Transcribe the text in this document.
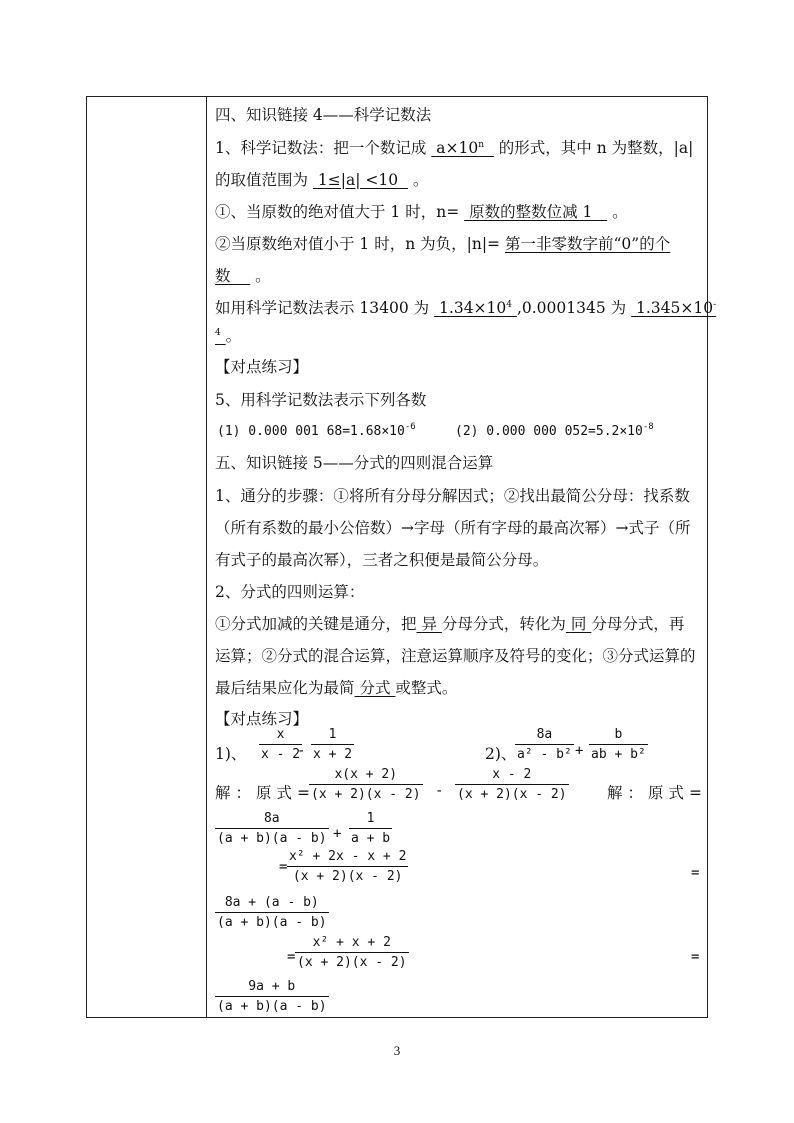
四、知识链接 4——科学记数法
1、科学记数法：把一个数记成 $a\times 10^n$ 的形式，其中 n 为整数，|a|
的取值范围为 1≤|a| <10 。
①、当原数的绝对值大于 1 时，n= 原数的整数位减 1 。
②当原数绝对值小于 1 时，n 为负，|n|= 第一非零数字前“0”的个
数 。
如用科学记数法表示 13400 为 $1.34\times 10^4$ ,0.0001345 为 1.345×10-
$^4$ 。
【对点练习】
5、用科学记数法表示下列各数
(1) 0.000 001 $68=1.68\times 10^{-6}$	(2) 0.000 000 $052=5.2\times 10^{-8}$
五、知识链接 5——分式的四则混合运算
1、通分的步骤：①将所有分母分解因式；②找出最简公分母：找系数
（所有系数的最小公倍数）→字母（所有字母的最高次幂）→式子（所
有式子的最高次幂），三者之积便是最简公分母。
2、分式的四则运算：
①分式加减的关键是通分，把 异 分母分式，转化为 同 分母分式，再
运算；②分式的混合运算，注意运算顺序及符号的变化；③分式运算的
最后结果应化为最简 分式 或整式。
【对点练习】
1)、 $\frac{x}{x - 2}$
- $\frac{1}{x + 2}$	2)、
$\frac{8a}{\text{a² - b²}} + \frac{b}{\text{ab + b²}}$
解：原式=
$\frac{x(x + 2)}{(x + 2)(x - 2)} - \frac{x - 2}{(x + 2)(x - 2)}$ 解：原式=
$\frac{8a}{(a + b)(a - b)} + \frac{1}{a + b}$
= $\frac{\text{x² + 2x - x + 2}}{(x + 2)(x - 2)}$	=
$\frac{8a + (a - b)}{(a + b)(a - b)}$
= $\frac{\text{x² + x + 2}}{(x + 2)(x - 2)}$	=
$\frac{9a + b}{(a + b)(a - b)}$
3
